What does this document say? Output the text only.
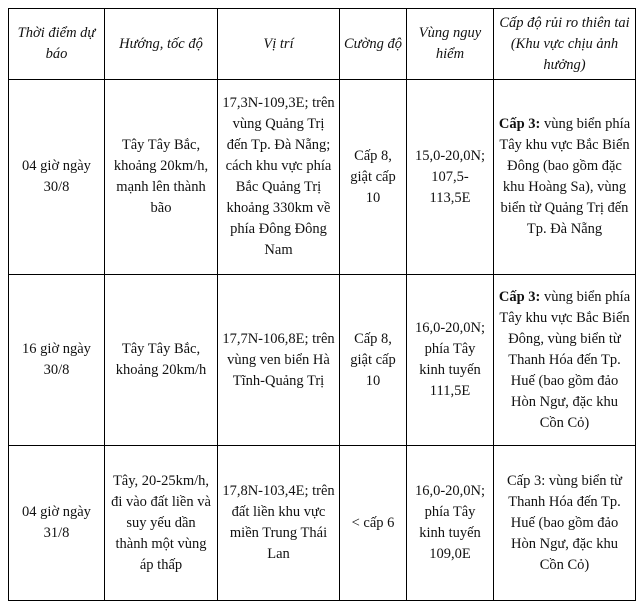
Thời điểm dự báo	Hướng, tốc độ	Vị trí	Cường độ	Vùng nguy hiểm	Cấp độ rủi ro thiên tai (Khu vực chịu ảnh hưởng)
04 giờ ngày 30/8	Tây Tây Bắc, khoảng 20km/h, mạnh lên thành bão	17,3N-109,3E; trên vùng Quảng Trị đến Tp. Đà Nẵng; cách khu vực phía Bắc Quảng Trị khoảng 330km về phía Đông Đông Nam	Cấp 8, giật cấp 10	15,0-20,0N; 107,5-113,5E	Cấp 3: vùng biển phía Tây khu vực Bắc Biển Đông (bao gồm đặc khu Hoàng Sa), vùng biển từ Quảng Trị đến Tp. Đà Nẵng
16 giờ ngày 30/8	Tây Tây Bắc, khoảng 20km/h	17,7N-106,8E; trên vùng ven biển Hà Tĩnh-Quảng Trị	Cấp 8, giật cấp 10	16,0-20,0N; phía Tây kinh tuyến 111,5E	Cấp 3: vùng biển phía Tây khu vực Bắc Biển Đông, vùng biển từ Thanh Hóa đến Tp. Huế (bao gồm đảo Hòn Ngư, đặc khu Cồn Cỏ)
04 giờ ngày 31/8	Tây, 20-25km/h, đi vào đất liền và suy yếu dần thành một vùng áp thấp	17,8N-103,4E; trên đất liền khu vực miền Trung Thái Lan	< cấp 6	16,0-20,0N; phía Tây kinh tuyến 109,0E	Cấp 3: vùng biển từ Thanh Hóa đến Tp. Huế (bao gồm đảo Hòn Ngư, đặc khu Cồn Cỏ)
